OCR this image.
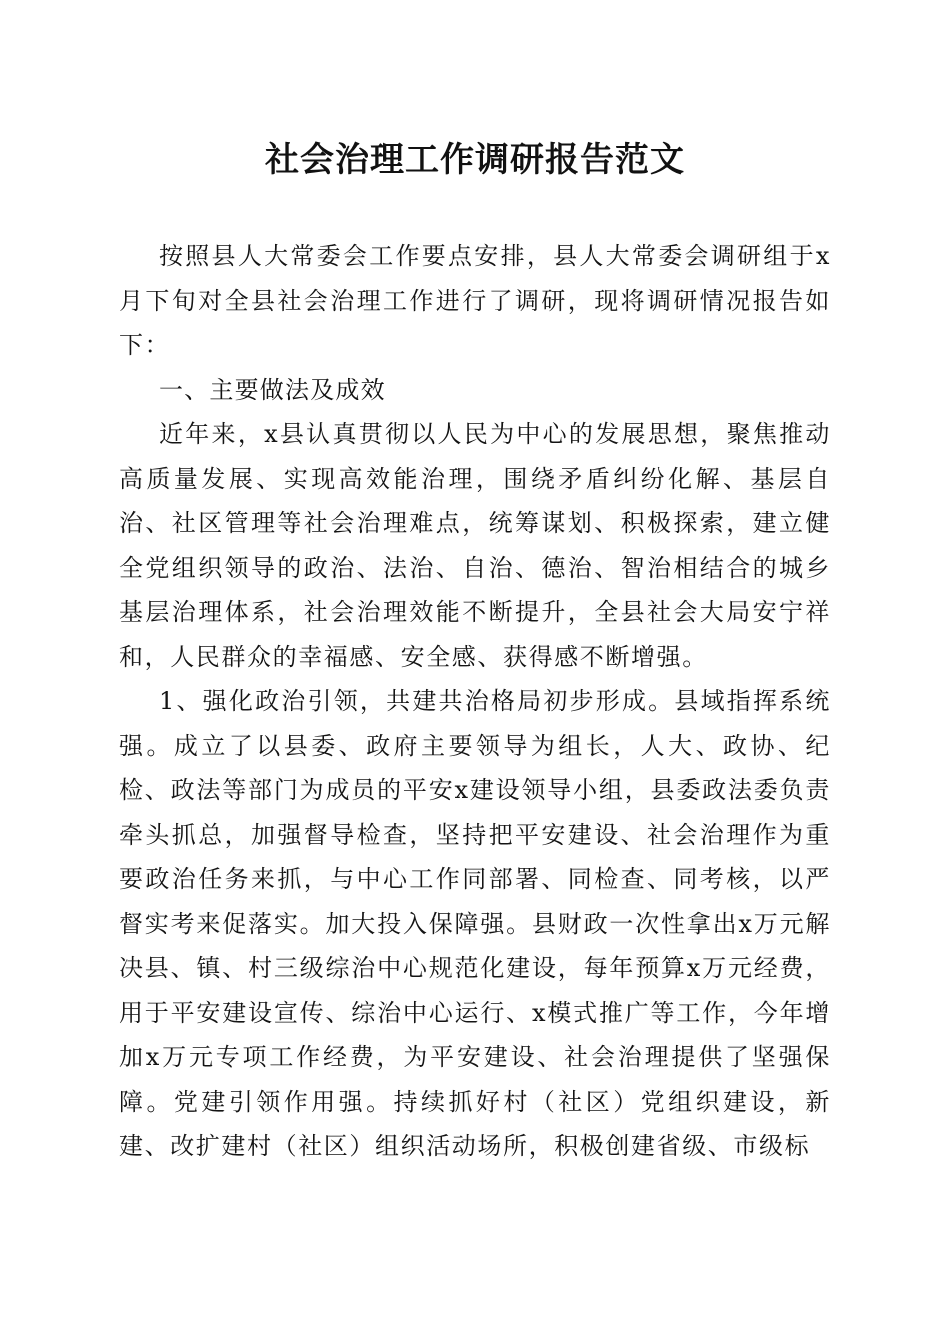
社会治理工作调研报告范文

按照县人大常委会工作要点安排，县人大常委会调研组于x月下旬对全县社会治理工作进行了调研，现将调研情况报告如下：

一、主要做法及成效

近年来，x县认真贯彻以人民为中心的发展思想，聚焦推动高质量发展、实现高效能治理，围绕矛盾纠纷化解、基层自治、社区管理等社会治理难点，统筹谋划、积极探索，建立健全党组织领导的政治、法治、自治、德治、智治相结合的城乡基层治理体系，社会治理效能不断提升，全县社会大局安宁祥和，人民群众的幸福感、安全感、获得感不断增强。

1、强化政治引领，共建共治格局初步形成。县域指挥系统强。成立了以县委、政府主要领导为组长，人大、政协、纪检、政法等部门为成员的平安x建设领导小组，县委政法委负责牵头抓总，加强督导检查，坚持把平安建设、社会治理作为重要政治任务来抓，与中心工作同部署、同检查、同考核，以严督实考来促落实。加大投入保障强。县财政一次性拿出x万元解决县、镇、村三级综治中心规范化建设，每年预算x万元经费，用于平安建设宣传、综治中心运行、x模式推广等工作，今年增加x万元专项工作经费，为平安建设、社会治理提供了坚强保障。党建引领作用强。持续抓好村（社区）党组织建设，新建、改扩建村（社区）组织活动场所，积极创建省级、市级标
